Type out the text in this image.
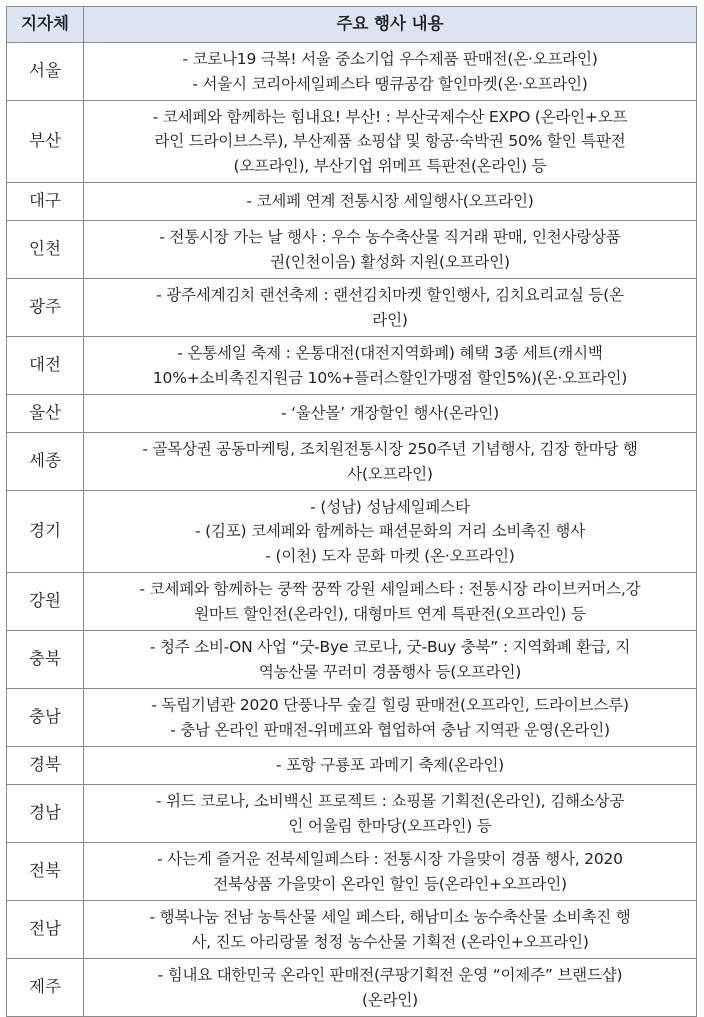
지자체	주요 행사 내용
서울	- 코로나19 극복! 서울 중소기업 우수제품 판매전(온·오프라인)
- 서울시 코리아세일페스타 땡큐공감 할인마켓(온·오프라인)

부산	- 코세페와 함께하는 힘내요! 부산! : 부산국제수산 EXPO (온라인+오프
라인 드라이브스루), 부산제품 쇼핑샵 및 항공·숙박권 50% 할인 특판전
(오프라인), 부산기업 위메프 특판전(온라인) 등

대구	- 코세페 연계 전통시장 세일행사(오프라인)

인천	- 전통시장 가는 날 행사 : 우수 농수축산물 직거래 판매, 인천사랑상품
권(인천이음) 활성화 지원(오프라인)

광주	- 광주세계김치 랜선축제 : 랜선김치마켓 할인행사, 김치요리교실 등(온
라인)

대전	- 온통세일 축제 : 온통대전(대전지역화폐) 혜택 3종 세트(캐시백
10%+소비촉진지원금 10%+플러스할인가맹점 할인5%)(온·오프라인)

울산	- ‘울산몰’ 개장할인 행사(온라인)

세종	- 골목상권 공동마케팅, 조치원전통시장 250주년 기념행사, 김장 한마당 행
사(오프라인)

경기	- (성남) 성남세일페스타
- (김포) 코세페와 함께하는 패션문화의 거리 소비촉진 행사
- (이천) 도자 문화 마켓 (온·오프라인)

강원	- 코세페와 함께하는 쿵짝 꿍짝 강원 세일페스타 : 전통시장 라이브커머스,강
원마트 할인전(온라인), 대형마트 연계 특판전(오프라인) 등

충북	- 청주 소비-ON 사업 “굿-Bye 코로나, 굿-Buy 충북” : 지역화폐 환급, 지
역농산물 꾸러미 경품행사 등(오프라인)

충남	- 독립기념관 2020 단풍나무 숲길 힐링 판매전(오프라인, 드라이브스루)
- 충남 온라인 판매전-위메프와 협업하여 충남 지역관 운영(온라인)

경북	- 포항 구룡포 과메기 축제(온라인)

경남	- 위드 코로나, 소비백신 프로젝트 : 쇼핑몰 기획전(온라인), 김해소상공
인 어울림 한마당(오프라인) 등

전북	- 사는게 즐거운 전북세일페스타 : 전통시장 가을맞이 경품 행사, 2020
전북상품 가을맞이 온라인 할인 등(온라인+오프라인)

전남	- 행복나눔 전남 농특산물 세일 페스타, 해남미소 농수축산물 소비촉진 행
사, 진도 아리랑몰 청정 농수산물 기획전 (온라인+오프라인)

제주	- 힘내요 대한민국 온라인 판매전(쿠팡기획전 운영 “이제주” 브랜드샵)
(온라인)
